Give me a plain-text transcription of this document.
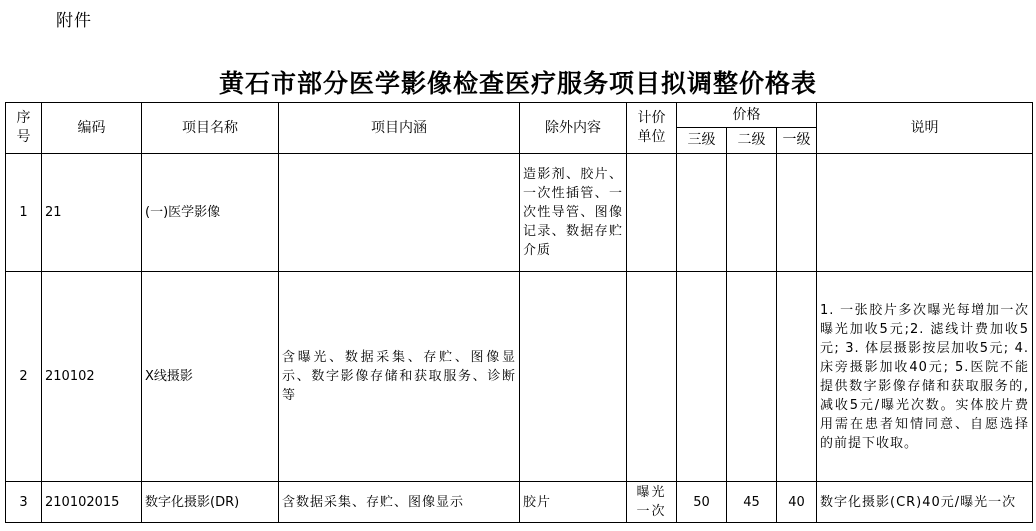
附件
黄石市部分医学影像检查医疗服务项目拟调整价格表
序号	编码	项目名称	项目内涵	除外内容	计价单位	价格			说明
						三级	二级	一级	
1	21	(一)医学影像		造影剂、胶片、一次性插管、一次性导管、图像记录、数据存贮介质					
2	210102	X线摄影	含曝光、数据采集、存贮、图像显示、数字影像存储和获取服务、诊断等						1. 一张胶片多次曝光每增加一次曝光加收5元;2. 滤线计费加收5元; 3. 体层摄影按层加收5元; 4.床旁摄影加收40元; 5.医院不能提供数字影像存储和获取服务的, 减收5元/曝光次数。实体胶片费用需在患者知情同意、自愿选择的前提下收取。
3	210102015	数字化摄影(DR)	含数据采集、存贮、图像显示	胶片	曝光一次	50	45	40	数字化摄影(CR)40元/曝光一次
